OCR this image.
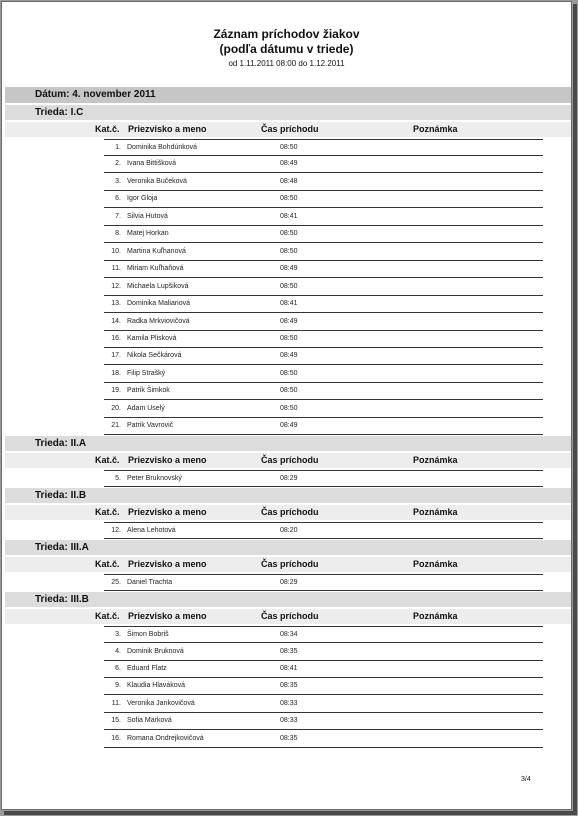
Záznam príchodov žiakov
(podľa dátumu v triede)
od 1.11.2011 08:00 do 1.12.2011
Dátum: 4. november 2011
3/4
Trieda: I.C
Kat.č. Priezvisko a meno	Čas príchodu	Poznámka
1. Dominika Bohdúnková	08:50
2. Ivana Bittišková	08:49
3. Veronika Bučeková	08:48
6. Igor Gloja	08:50
7. Silvia Hutová	08:41
8. Matej Horkan	08:50
10. Martina Kuľhanová	08:50
11. Miriam Kuľhaňová	08:49
12. Michaela Lupšiková	08:50
13. Dominika Maliariová	08:41
14. Radka Mrkviovičová	08:49
16. Kamila Plisková	08:50
17. Nikola Sečkárová	08:49
18. Filip Strašký	08:50
19. Patrik Šimkok	08:50
20. Adam Uselý	08:50
21. Patrik Vavrovič	08:49
Trieda: II.A
Kat.č. Priezvisko a meno	Čas príchodu	Poznámka
5. Peter Bruknovský	08:29
Trieda: II.B
Kat.č. Priezvisko a meno	Čas príchodu	Poznámka
12. Alena Lehotová	08:20
Trieda: III.A
Kat.č. Priezvisko a meno	Čas príchodu	Poznámka
25. Daniel Trachta	08:29
Trieda: III.B
Kat.č. Priezvisko a meno	Čas príchodu	Poznámka
3. Šimon Bobriš	08:34
4. Dominik Bruknová	08:35
6. Eduard Flatz	08:41
9. Klaudia Hlaváková	08:35
11. Veronika Jankovičová	08:33
15. Sofia Marková	08:33
16. Romana Ondrejkovičová	08:35
